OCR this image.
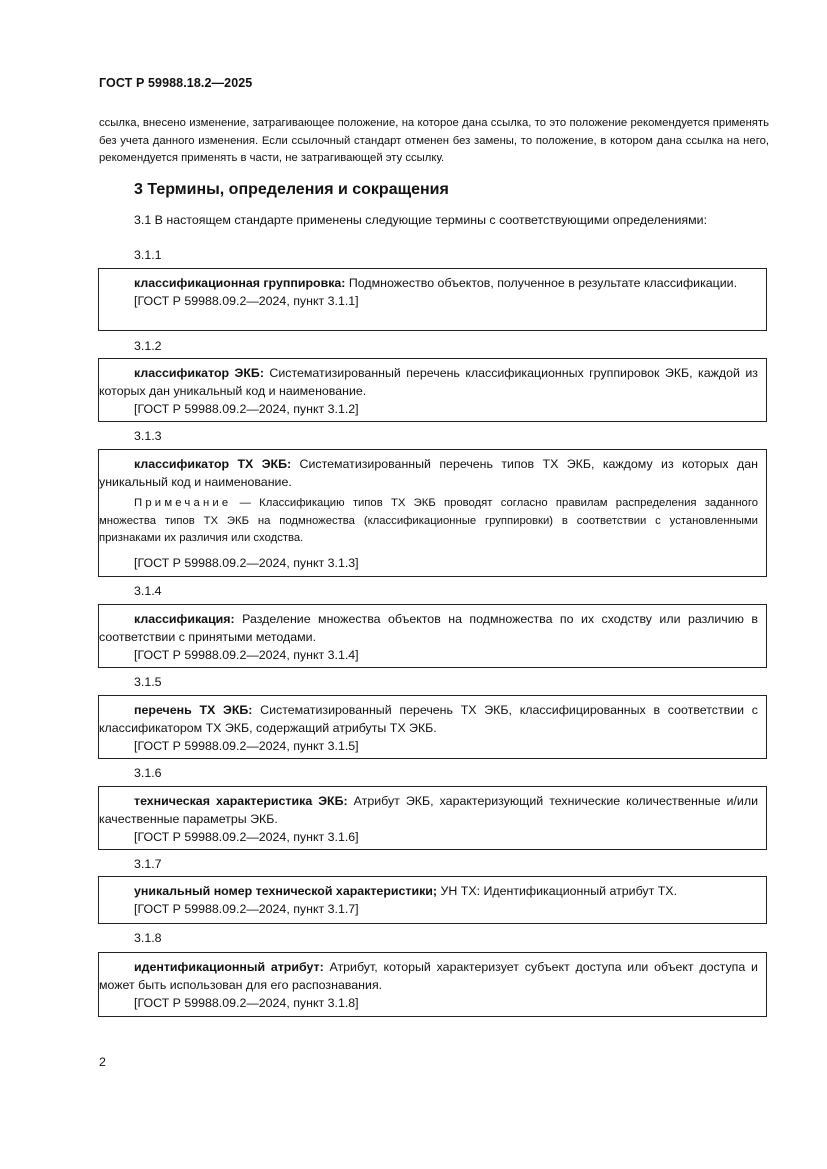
ГОСТ Р 59988.18.2—2025
ссылка, внесено изменение, затрагивающее положение, на которое дана ссылка, то это положение рекомендуется применять без учета данного изменения. Если ссылочный стандарт отменен без замены, то положение, в котором дана ссылка на него, рекомендуется применять в части, не затрагивающей эту ссылку.
3 Термины, определения и сокращения
3.1 В настоящем стандарте применены следующие термины с соответствующими определениями:
3.1.1

классификационная группировка: Подмножество объектов, полученное в результате классификации.

[ГОСТ Р 59988.09.2—2024, пункт 3.1.1]

3.1.2

классификатор ЭКБ: Систематизированный перечень классификационных группировок ЭКБ, каждой из которых дан уникальный код и наименование.

[ГОСТ Р 59988.09.2—2024, пункт 3.1.2]

3.1.3

классификатор ТХ ЭКБ: Систематизированный перечень типов ТХ ЭКБ, каждому из которых дан уникальный код и наименование.

Примечание — Классификацию типов ТХ ЭКБ проводят согласно правилам распределения заданного множества типов ТХ ЭКБ на подмножества (классификационные группировки) в соответствии с установленными признаками их различия или сходства.

[ГОСТ Р 59988.09.2—2024, пункт 3.1.3]

3.1.4

классификация: Разделение множества объектов на подмножества по их сходству или различию в соответствии с принятыми методами.

[ГОСТ Р 59988.09.2—2024, пункт 3.1.4]

3.1.5

перечень ТХ ЭКБ: Систематизированный перечень ТХ ЭКБ, классифицированных в соответствии с классификатором ТХ ЭКБ, содержащий атрибуты ТХ ЭКБ.

[ГОСТ Р 59988.09.2—2024, пункт 3.1.5]

3.1.6

техническая характеристика ЭКБ: Атрибут ЭКБ, характеризующий технические количественные и/или качественные параметры ЭКБ.

[ГОСТ Р 59988.09.2—2024, пункт 3.1.6]

3.1.7

уникальный номер технической характеристики; УН ТХ: Идентификационный атрибут ТХ.

[ГОСТ Р 59988.09.2—2024, пункт 3.1.7]

3.1.8

идентификационный атрибут: Атрибут, который характеризует субъект доступа или объект доступа и может быть использован для его распознавания.

[ГОСТ Р 59988.09.2—2024, пункт 3.1.8]

2
